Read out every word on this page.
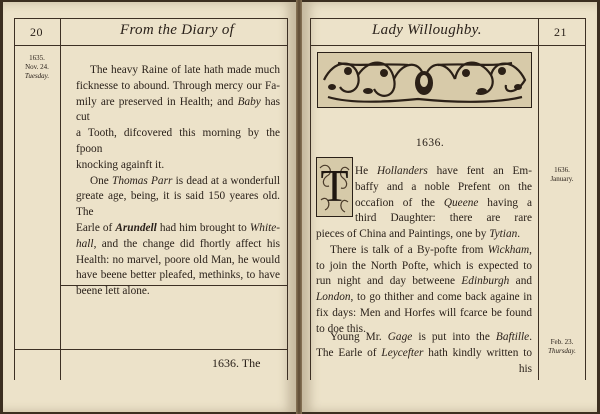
20	From the Diary of
1635.
Nov. 24.
Tuesday.	The heavy Raine of late hath made much
ficknesse to abound. Through mercy our Fa-
mily are preserved in Health; and Baby has cut
a Tooth, difcovered this morning by the fpoon
knocking againft it.

One Thomas Parr is dead at a wonderfull
greate age, being, it is said 150 yeares old. The
Earle of Arundell had him brought to White-
hall, and the change did fhortly affect his
Health: no marvel, poore old Man, he would
have beene better pleafed, methinks, to have
beene lett alone.

1636. The
Lady Willoughby.	21
1636.
T	1636.
January.
Feb. 23.
Thursday.

He Hollanders have fent an Em-
baffy and a noble Prefent on the
occafion of the Queene having a
third Daughter: there are rare

pieces of China and Paintings, one by Tytian.

There is talk of a By-pofte from Wickham,
to join the North Pofte, which is expected to
run night and day betweene Edinburgh and
London, to go thither and come back againe in
fix days: Men and Horfes will fcarce be found
to doe this.

Young Mr. Gage is put into the Baftille.
The Earle of Leycefter hath kindly written to
his
